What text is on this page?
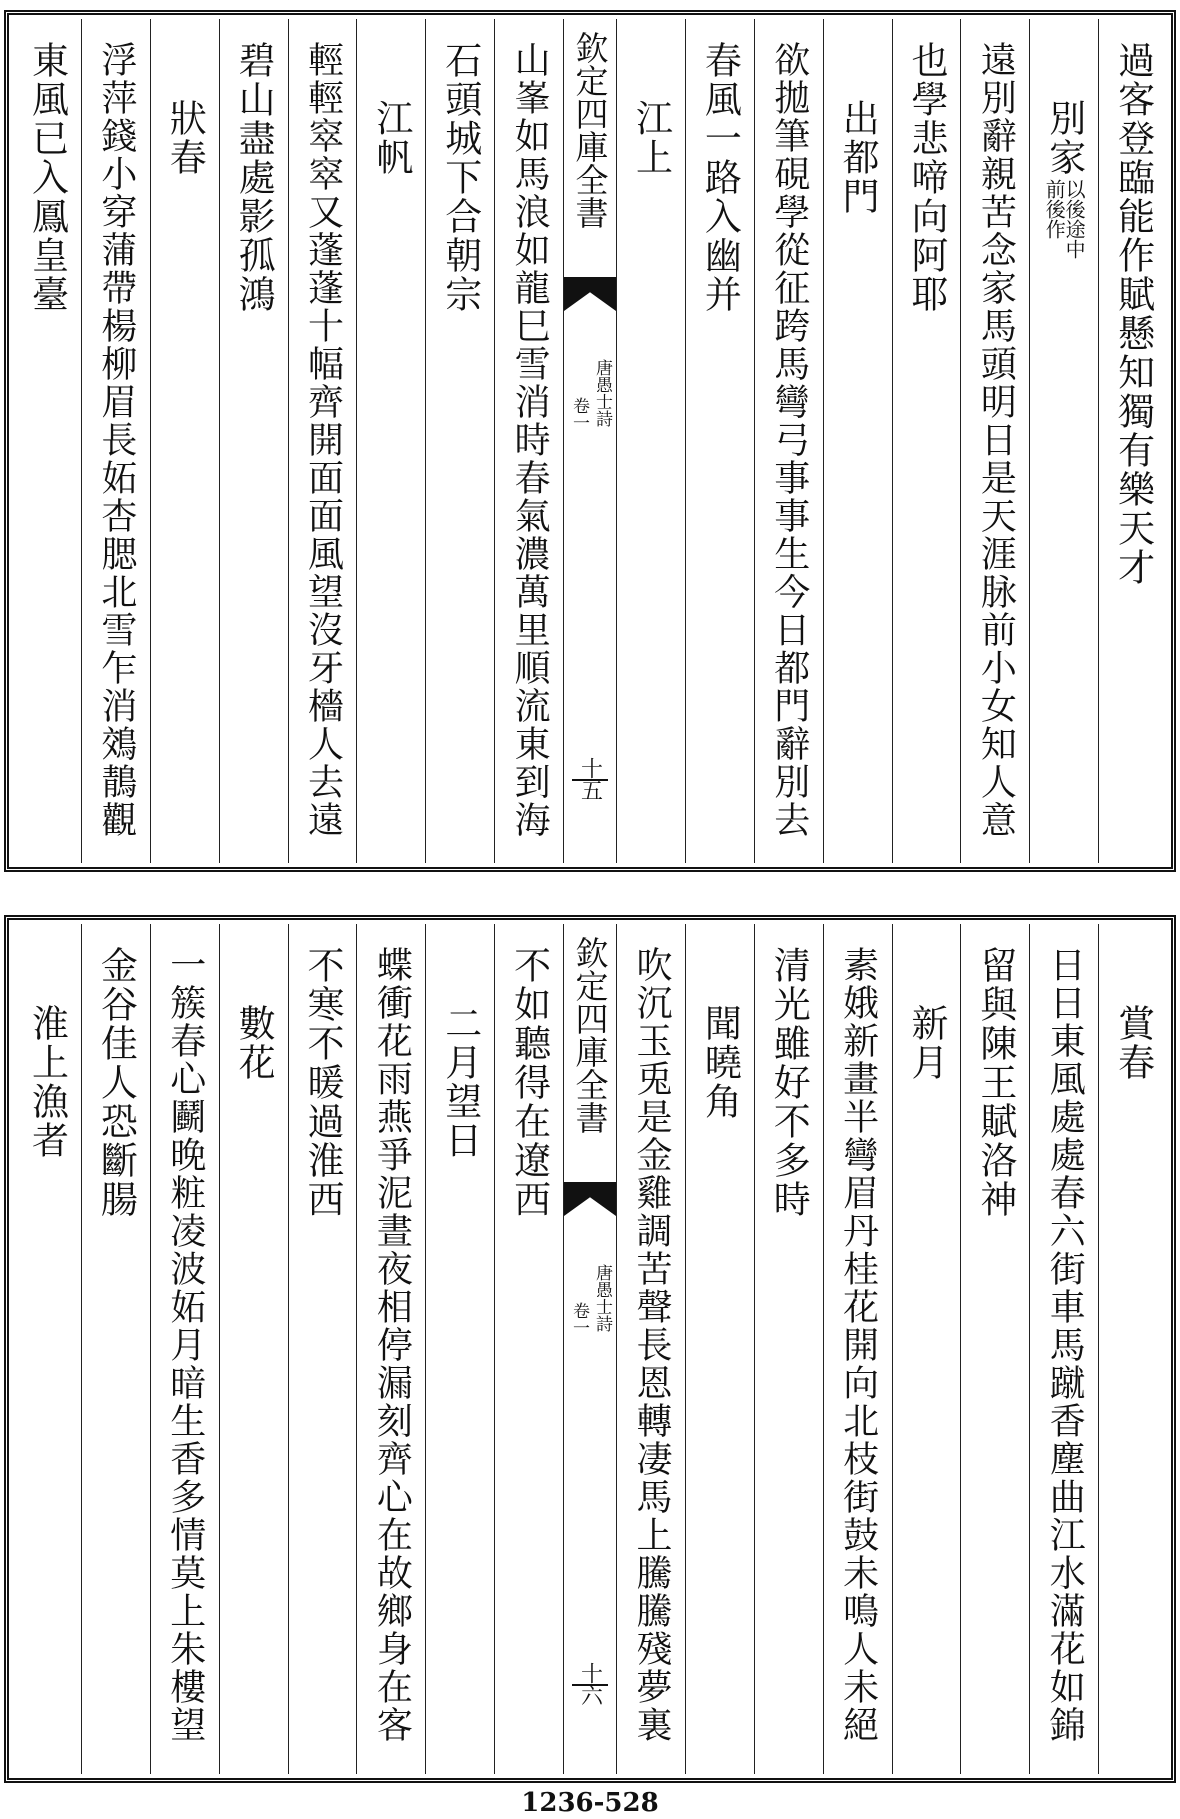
過客登臨能作賦懸知獨有樂天才
別家
以後途中
前後作
遠別辭親苦念家馬頭明日是天涯脉前小女知人意
也學悲啼向阿耶
出都門
欲拋筆硯學從征跨馬彎弓事事生今日都門辭別去
春風一路入幽并
江上
欽定四庫全書
唐愚士詩
卷一
十五
山峯如馬浪如龍巳雪消時春氣濃萬里順流東到海
石頭城下合朝宗
江帆
輕輕窣窣又蓬蓬十幅齊開面面風望沒牙檣人去遠
碧山盡處影孤鴻
狀春
浮萍錢小穿蒲帶楊柳眉長妬杏腮北雪乍消鵁鶄觀
東風已入鳳皇臺
賞春
日日東風處處春六街車馬蹴香塵曲江水滿花如錦
留與陳王賦洛神
新月
素娥新畫半彎眉丹桂花開向北枝街鼓未鳴人未絕
清光雖好不多時
聞曉角
吹沉玉兎是金雞調苦聲長恩轉凄馬上騰騰殘夢裏
欽定四庫全書
唐愚士詩
卷一
十六
不如聽得在遼西
二月望日
蝶衝花雨燕爭泥晝夜相停漏刻齊心在故鄉身在客
不寒不暖過淮西
數花
一簇春心鬬晚粧凌波妬月暗生香多情莫上朱樓望
金谷佳人恐斷腸
淮上漁者
1236-528
